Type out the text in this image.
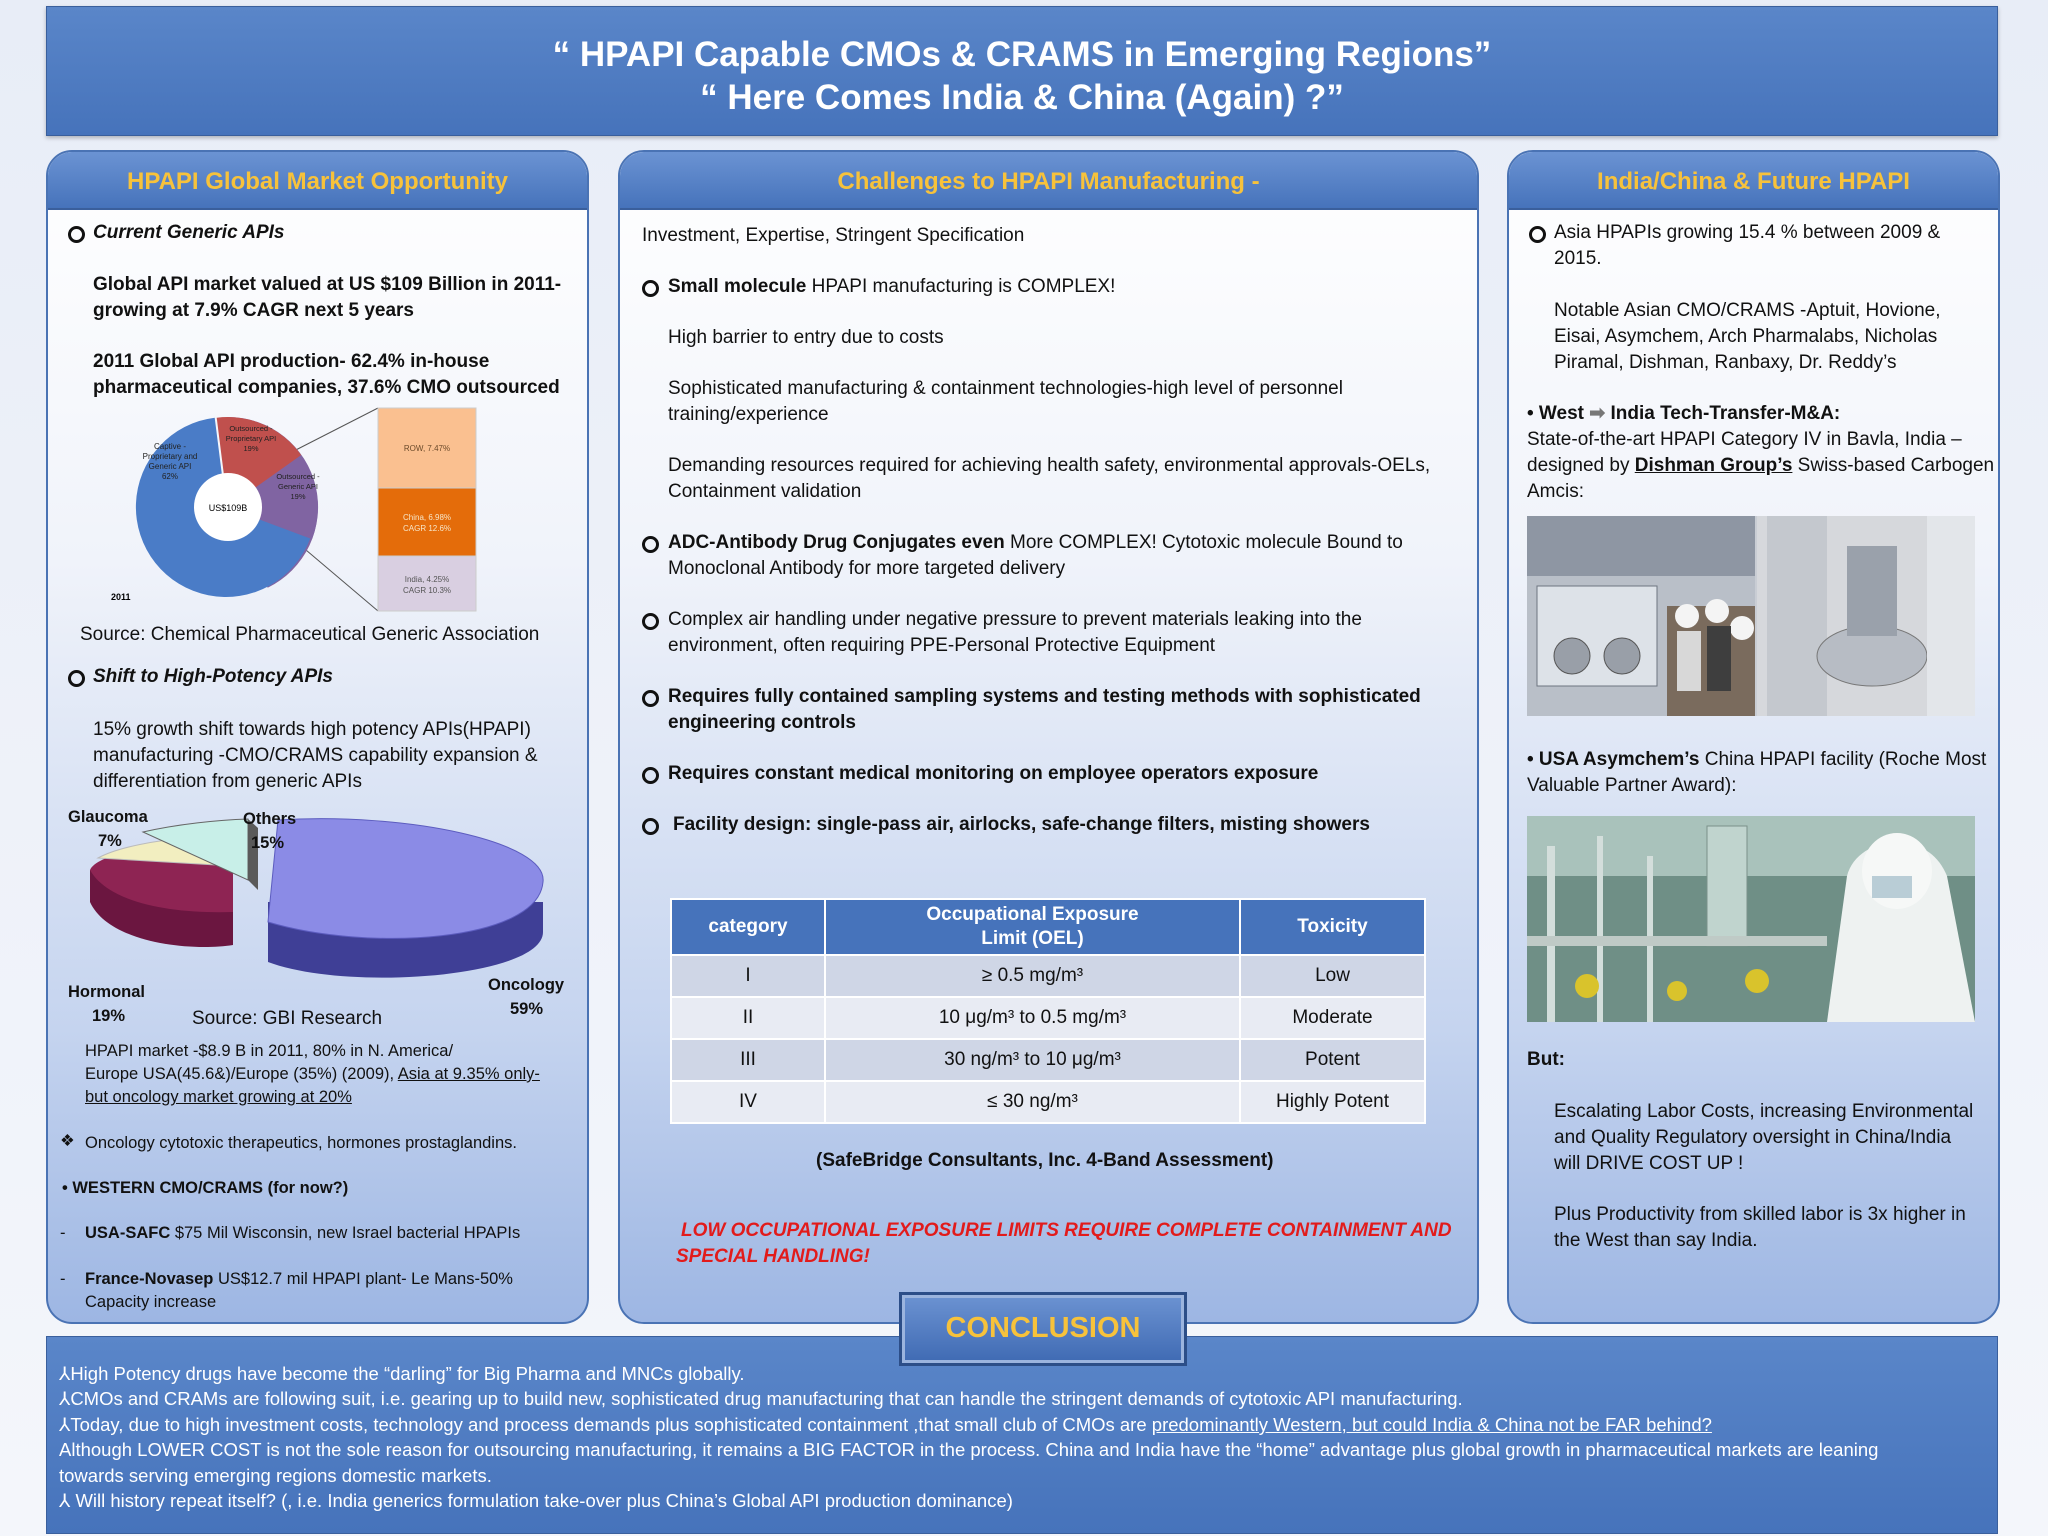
“ HPAPI Capable CMOs & CRAMS in Emerging Regions”
“ Here Comes India & China (Again) ?”
HPAPI Global Market Opportunity
Current Generic APIs
Global API market valued at US $109 Billion in 2011-
growing at 7.9% CAGR next 5 years
2011 Global API production- 62.4% in-house
pharmaceutical companies, 37.6% CMO outsourced
US$109B
Captive -Proprietary and Generic API 62%
Outsourced -Proprietary API 19%
Outsourced -Generic API 19%
2011
ROW, 7.47%
China, 6.98% CAGR 12.6%
India, 4.25% CAGR 10.3%
Source: Chemical Pharmaceutical Generic Association
Shift to High-Potency APIs
15% growth shift towards high potency APIs(HPAPI)
manufacturing -CMO/CRAMS capability expansion &
differentiation from generic APIs
Glaucoma
7%
Others
15%
Hormonal
19%
Oncology
59%
Source: GBI Research
HPAPI market -$8.9 B in 2011, 80% in N. America/
Europe USA(45.6&)/Europe (35%) (2009), Asia at 9.35% only-
but oncology market growing at 20%
❖ Oncology cytotoxic therapeutics, hormones prostaglandins.
• WESTERN CMO/CRAMS (for now?)
- USA-SAFC $75 Mil Wisconsin, new Israel bacterial HPAPIs
- France-Novasep US$12.7 mil HPAPI plant- Le Mans-50%
Capacity increase
Challenges to HPAPI Manufacturing -
Investment, Expertise, Stringent Specification
Small molecule HPAPI manufacturing is COMPLEX!
High barrier to entry due to costs
Sophisticated manufacturing & containment technologies-high level of personnel
training/experience
Demanding resources required for achieving health safety, environmental approvals-OELs,
Containment validation
ADC-Antibody Drug Conjugates even More COMPLEX! Cytotoxic molecule Bound to
Monoclonal Antibody for more targeted delivery
Complex air handling under negative pressure to prevent materials leaking into the
environment, often requiring PPE-Personal Protective Equipment
Requires fully contained sampling systems and testing methods with sophisticated
engineering controls
Requires constant medical monitoring on employee operators exposure
Facility design: single-pass air, airlocks, safe-change filters, misting showers
category	Occupational Exposure Limit (OEL)	Toxicity
I	≥ 0.5 mg/m³	Low
II	10 μg/m³ to 0.5 mg/m³	Moderate
III	30 ng/m³ to 10 μg/m³	Potent
IV	≤ 30 ng/m³	Highly Potent
(SafeBridge Consultants, Inc. 4-Band Assessment)
LOW OCCUPATIONAL EXPOSURE LIMITS REQUIRE COMPLETE CONTAINMENT AND
SPECIAL HANDLING!
India/China & Future HPAPI
Asia HPAPIs growing 15.4 % between 2009 &
2015.
Notable Asian CMO/CRAMS -Aptuit, Hovione,
Eisai, Asymchem, Arch Pharmalabs, Nicholas
Piramal, Dishman, Ranbaxy, Dr. Reddy’s
• West ➡ India Tech-Transfer-M&A:
State-of-the-art HPAPI Category IV in Bavla, India –
designed by Dishman Group’s Swiss-based Carbogen
Amcis:
• USA Asymchem’s China HPAPI facility (Roche Most
Valuable Partner Award):
But:
Escalating Labor Costs, increasing Environmental
and Quality Regulatory oversight in China/India
will DRIVE COST UP !
Plus Productivity from skilled labor is 3x higher in
the West than say India.
⅄High Potency drugs have become the “darling” for Big Pharma and MNCs globally.
⅄CMOs and CRAMs are following suit, i.e. gearing up to build new, sophisticated drug manufacturing that can handle the stringent demands of cytotoxic API manufacturing.
⅄Today, due to high investment costs, technology and process demands plus sophisticated containment ,that small club of CMOs are predominantly Western, but could India & China not be FAR behind?
Although LOWER COST is not the sole reason for outsourcing manufacturing, it remains a BIG FACTOR in the process. China and India have the “home” advantage plus global growth in pharmaceutical markets are leaning
towards serving emerging regions domestic markets.
⅄ Will history repeat itself? (, i.e. India generics formulation take-over plus China’s Global API production dominance)
CONCLUSION
